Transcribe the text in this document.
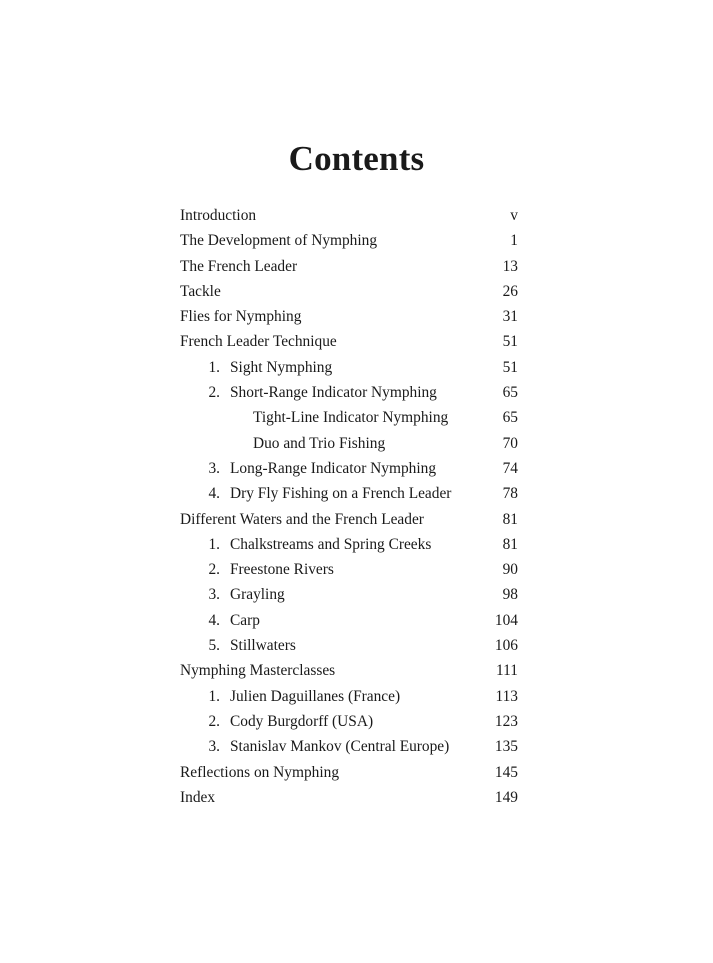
Contents
Introduction	v
The Development of Nymphing	1
The French Leader	13
Tackle	26
Flies for Nymphing	31
French Leader Technique	51
1. Sight Nymphing	51
2. Short-Range Indicator Nymphing	65
Tight-Line Indicator Nymphing	65
Duo and Trio Fishing	70
3. Long-Range Indicator Nymphing	74
4. Dry Fly Fishing on a French Leader	78
Different Waters and the French Leader	81
1. Chalkstreams and Spring Creeks	81
2. Freestone Rivers	90
3. Grayling	98
4. Carp	104
5. Stillwaters	106
Nymphing Masterclasses	111
1. Julien Daguillanes (France)	113
2. Cody Burgdorff (USA)	123
3. Stanislav Mankov (Central Europe)	135
Reflections on Nymphing	145
Index	149
